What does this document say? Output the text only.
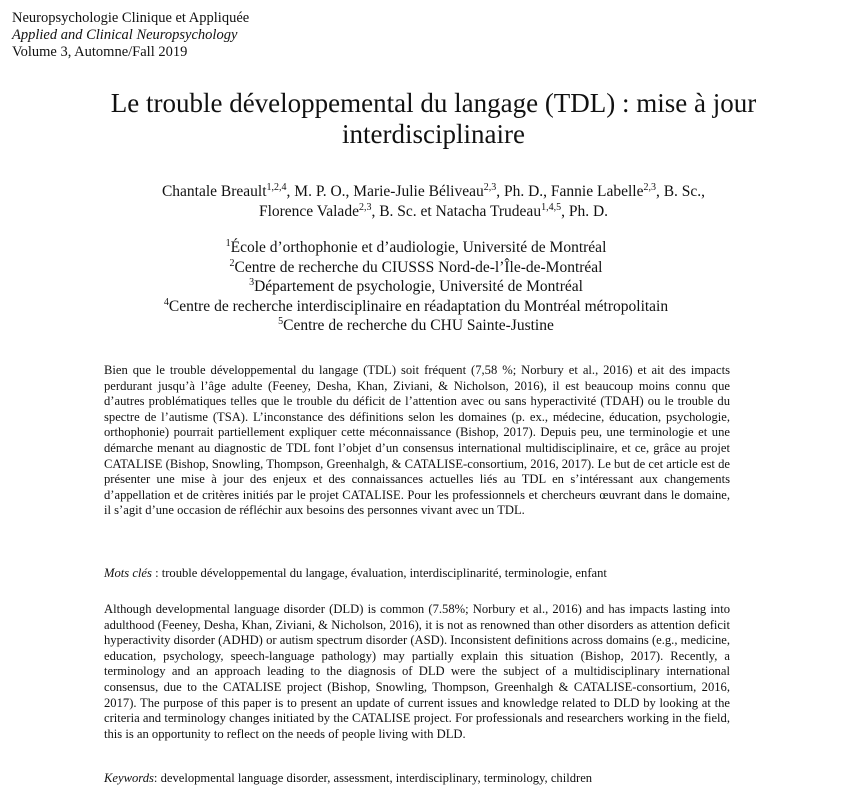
Neuropsychologie Clinique et Appliquée
Applied and Clinical Neuropsychology
Volume 3, Automne/Fall 2019
Le trouble développemental du langage (TDL) : mise à jour
interdisciplinaire
Chantale Breault$^{1,2,4}$, M. P. O., Marie-Julie Béliveau$^{2,3}$, Ph. D., Fannie Labelle$^{2,3}$, B. Sc.,
Florence Valade$^{2,3}$, B. Sc. et Natacha Trudeau$^{1,4,5}$, Ph. D.
$^1$École d’orthophonie et d’audiologie, Université de Montréal
$^2$Centre de recherche du CIUSSS Nord-de-l’Île-de-Montréal
$^3$Département de psychologie, Université de Montréal
$^4$Centre de recherche interdisciplinaire en réadaptation du Montréal métropolitain
$^5$Centre de recherche du CHU Sainte-Justine

Bien que le trouble développemental du langage (TDL) soit fréquent (7,58 %; Norbury et al., 2016) et ait des impacts perdurant jusqu’à l’âge adulte (Feeney, Desha, Khan, Ziviani, & Nicholson, 2016), il est beaucoup moins connu que d’autres problématiques telles que le trouble du déficit de l’attention avec ou sans hyperactivité (TDAH) ou le trouble du spectre de l’autisme (TSA). L’inconstance des définitions selon les domaines (p. ex., médecine, éducation, psychologie, orthophonie) pourrait partiellement expliquer cette méconnaissance (Bishop, 2017). Depuis peu, une terminologie et une démarche menant au diagnostic de TDL font l’objet d’un consensus international multidisciplinaire, et ce, grâce au projet CATALISE (Bishop, Snowling, Thompson, Greenhalgh, & CATALISE-consortium, 2016, 2017). Le but de cet article est de présenter une mise à jour des enjeux et des connaissances actuelles liés au TDL en s’intéressant aux changements d’appellation et de critères initiés par le projet CATALISE. Pour les professionnels et chercheurs œuvrant dans le domaine, il s’agit d’une occasion de réfléchir aux besoins des personnes vivant avec un TDL.

Mots clés : trouble développemental du langage, évaluation, interdisciplinarité, terminologie, enfant

Although developmental language disorder (DLD) is common (7.58%; Norbury et al., 2016) and has impacts lasting into adulthood (Feeney, Desha, Khan, Ziviani, & Nicholson, 2016), it is not as renowned than other disorders as attention deficit hyperactivity disorder (ADHD) or autism spectrum disorder (ASD). Inconsistent definitions across domains (e.g., medicine, education, psychology, speech-language pathology) may partially explain this situation (Bishop, 2017). Recently, a terminology and an approach leading to the diagnosis of DLD were the subject of a multidisciplinary international consensus, due to the CATALISE project (Bishop, Snowling, Thompson, Greenhalgh & CATALISE-consortium, 2016, 2017). The purpose of this paper is to present an update of current issues and knowledge related to DLD by looking at the criteria and terminology changes initiated by the CATALISE project. For professionals and researchers working in the field, this is an opportunity to reflect on the needs of people living with DLD.

Keywords: developmental language disorder, assessment, interdisciplinary, terminology, children
